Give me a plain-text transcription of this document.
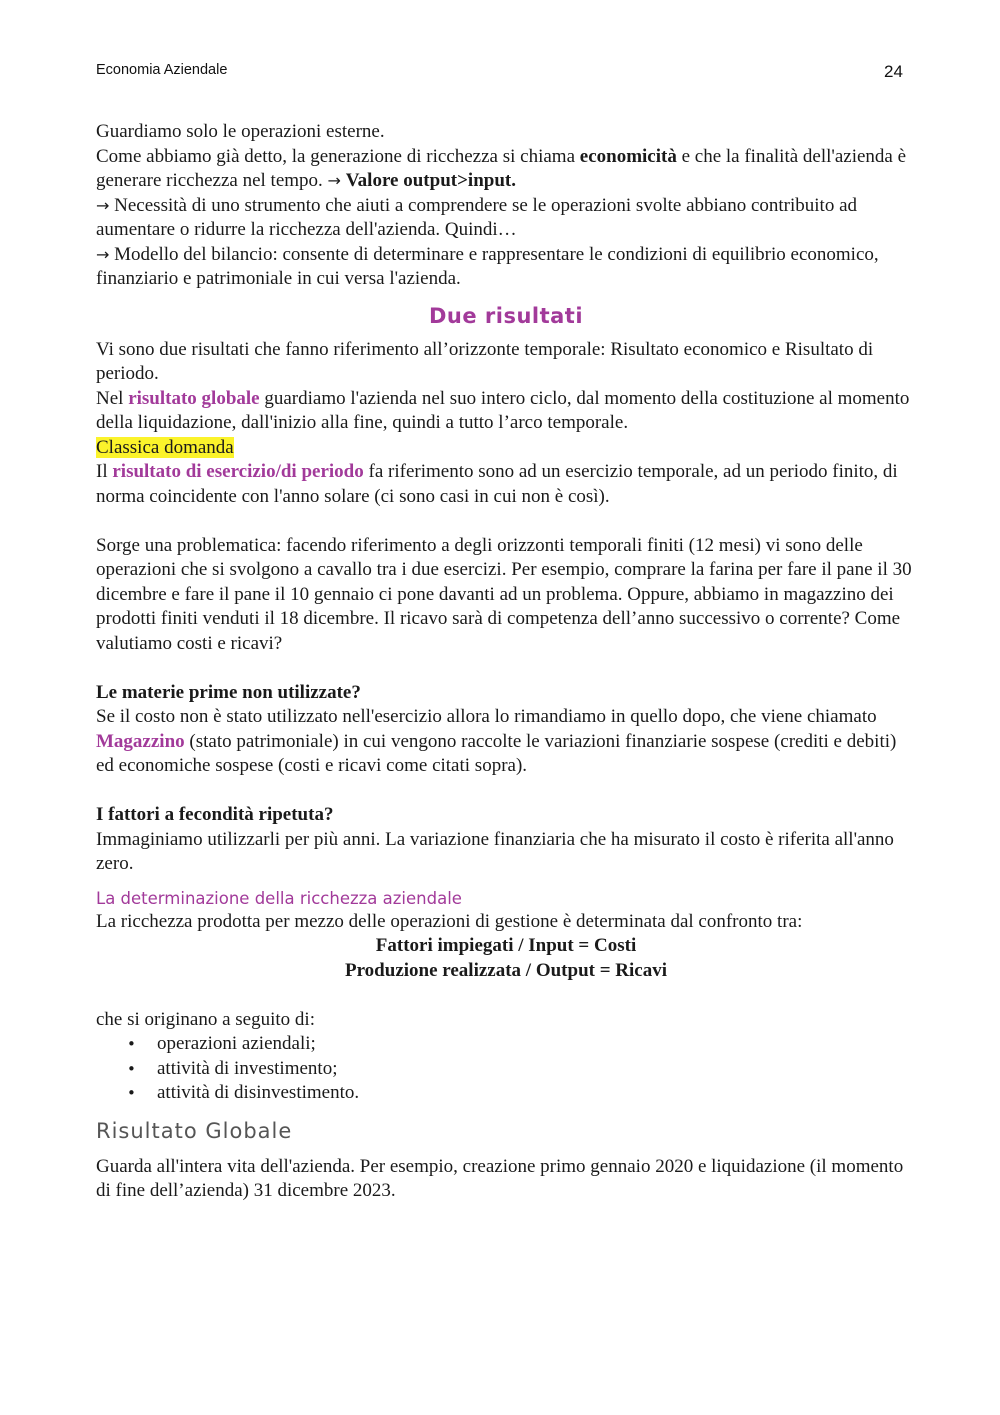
Economia Aziendale	24

Guardiamo solo le operazioni esterne.

Come abbiamo già detto, la generazione di ricchezza si chiama economicità e che la finalità dell'azienda è generare ricchezza nel tempo. → Valore output>input.

→ Necessità di uno strumento che aiuti a comprendere se le operazioni svolte abbiano contribuito ad aumentare o ridurre la ricchezza dell'azienda. Quindi…

→ Modello del bilancio: consente di determinare e rappresentare le condizioni di equilibrio economico, finanziario e patrimoniale in cui versa l'azienda.

Due risultati

Vi sono due risultati che fanno riferimento all’orizzonte temporale: Risultato economico e Risultato di periodo.

Nel risultato globale guardiamo l'azienda nel suo intero ciclo, dal momento della costituzione al momento della liquidazione, dall'inizio alla fine, quindi a tutto l’arco temporale.

Classica domanda

Il risultato di esercizio/di periodo fa riferimento sono ad un esercizio temporale, ad un periodo finito, di norma coincidente con l'anno solare (ci sono casi in cui non è così).

Sorge una problematica: facendo riferimento a degli orizzonti temporali finiti (12 mesi) vi sono delle operazioni che si svolgono a cavallo tra i due esercizi. Per esempio, comprare la farina per fare il pane il 30 dicembre e fare il pane il 10 gennaio ci pone davanti ad un problema. Oppure, abbiamo in magazzino dei prodotti finiti venduti il 18 dicembre. Il ricavo sarà di competenza dell’anno successivo o corrente? Come valutiamo costi e ricavi?

Le materie prime non utilizzate?

Se il costo non è stato utilizzato nell'esercizio allora lo rimandiamo in quello dopo, che viene chiamato Magazzino (stato patrimoniale) in cui vengono raccolte le variazioni finanziarie sospese (crediti e debiti) ed economiche sospese (costi e ricavi come citati sopra).

I fattori a fecondità ripetuta?

Immaginiamo utilizzarli per più anni. La variazione finanziaria che ha misurato il costo è riferita all'anno zero.

La determinazione della ricchezza aziendale

La ricchezza prodotta per mezzo delle operazioni di gestione è determinata dal confronto tra:

Fattori impiegati / Input = Costi

Produzione realizzata / Output = Ricavi

che si originano a seguito di:

• operazioni aziendali;
• attività di investimento;
• attività di disinvestimento.
Risultato Globale

Guarda all'intera vita dell'azienda. Per esempio, creazione primo gennaio 2020 e liquidazione (il momento di fine dell’azienda) 31 dicembre 2023.
